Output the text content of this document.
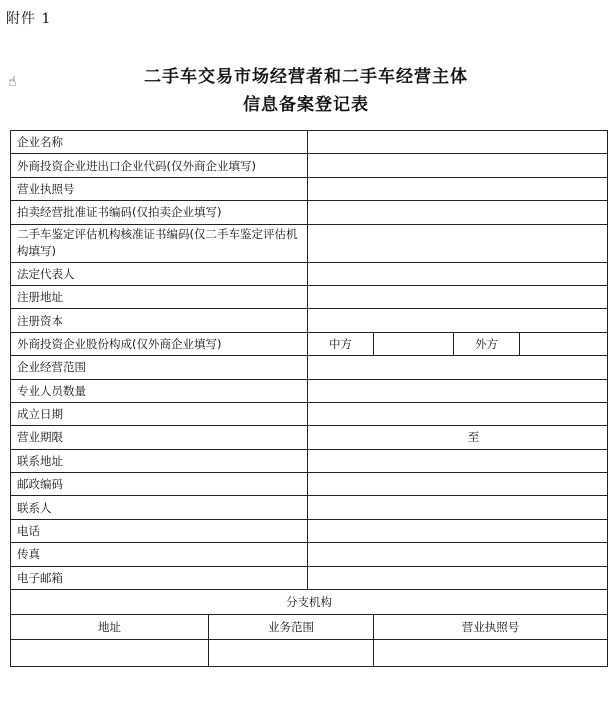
附件 1
☝	二手车交易市场经营者和二手车经营主体
信息备案登记表
企业名称					
外商投资企业进出口企业代码(仅外商企业填写)					
营业执照号					
拍卖经营批准证书编码(仅拍卖企业填写)					
二手车鉴定评估机构核准证书编码(仅二手车鉴定评估机构填写)					
法定代表人					
注册地址					
注册资本					
外商投资企业股份构成(仅外商企业填写)		中方		外方	
企业经营范围					
专业人员数量					
成立日期					
营业期限		至			
联系地址					
邮政编码					
联系人					
电话					
传真					
电子邮箱					
分支机构					
地址	业务范围		营业执照号		
